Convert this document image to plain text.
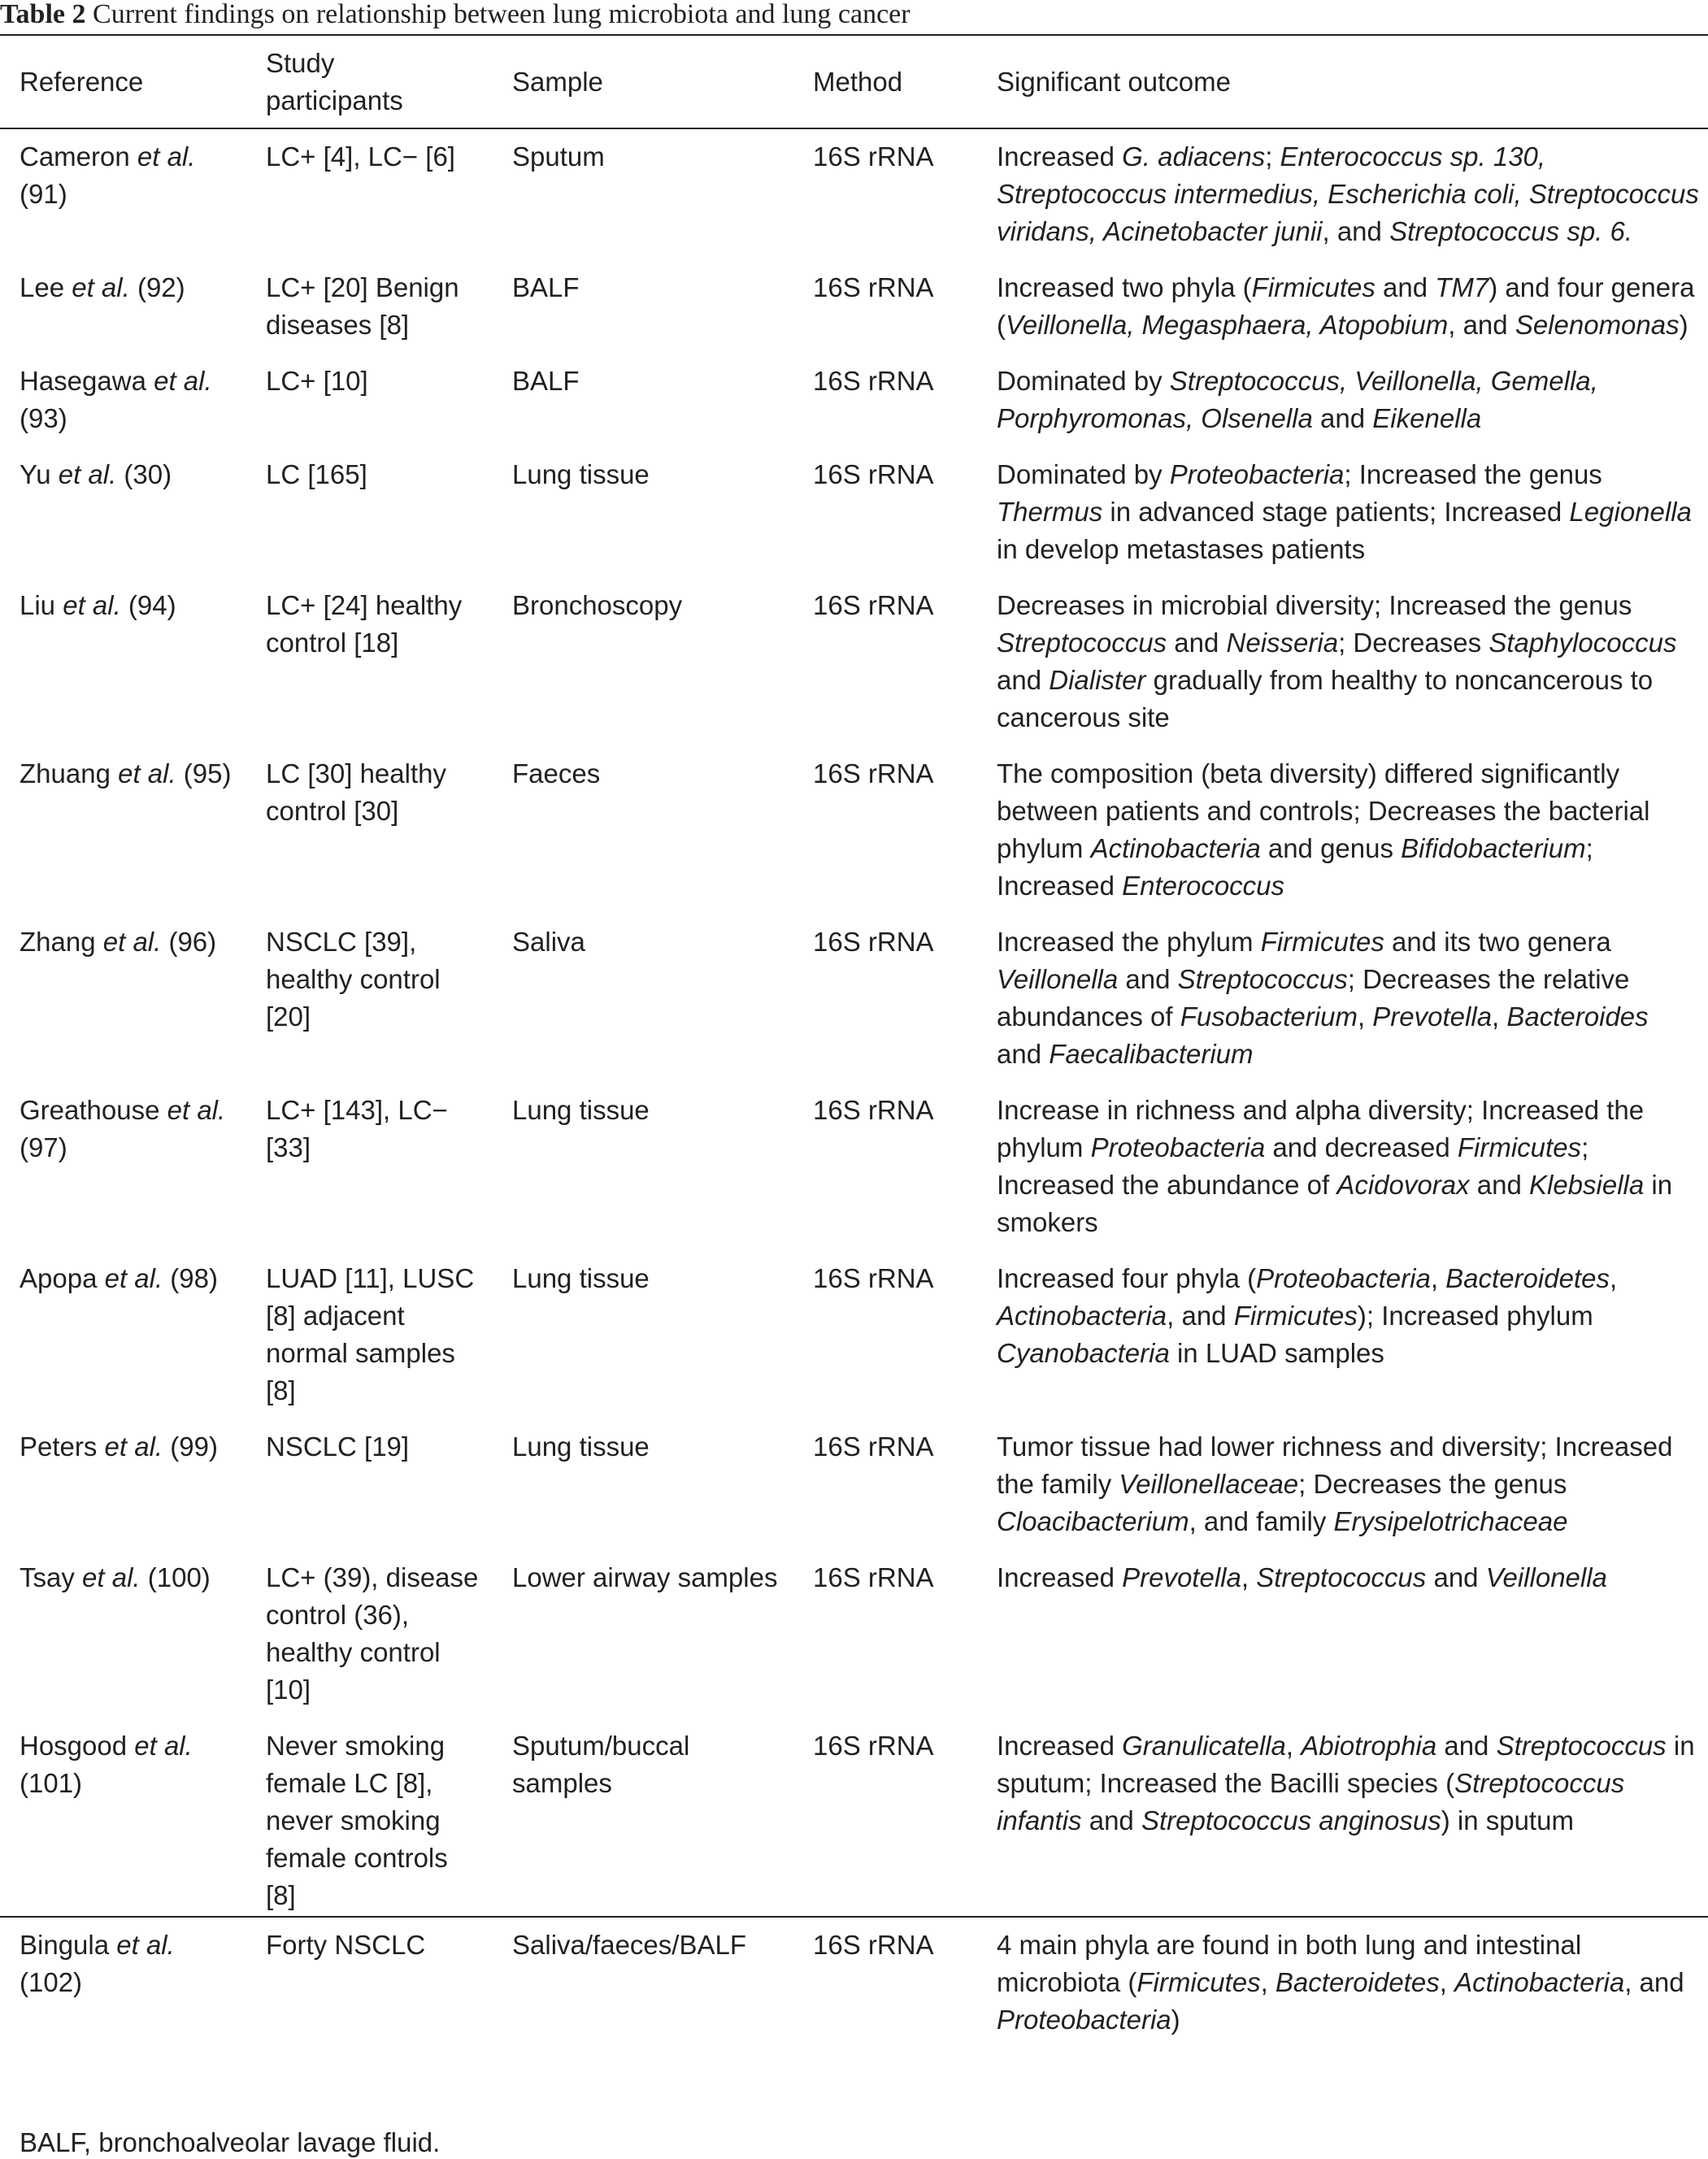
Table 2 Current findings on relationship between lung microbiota and lung cancer

Reference	Study participants	Sample	Method	Significant outcome
Cameron et al. (91)	LC+ [4], LC− [6]	Sputum	16S rRNA	Increased G. adiacens; Enterococcus sp. 130, Streptococcus intermedius, Escherichia coli, Streptococcus viridans, Acinetobacter junii, and Streptococcus sp. 6.
Lee et al. (92)	LC+ [20] Benign diseases [8]	BALF	16S rRNA	Increased two phyla (Firmicutes and TM7) and four genera (Veillonella, Megasphaera, Atopobium, and Selenomonas)
Hasegawa et al. (93)	LC+ [10]	BALF	16S rRNA	Dominated by Streptococcus, Veillonella, Gemella, Porphyromonas, Olsenella and Eikenella
Yu et al. (30)	LC [165]	Lung tissue	16S rRNA	Dominated by Proteobacteria; Increased the genus Thermus in advanced stage patients; Increased Legionella in develop metastases patients
Liu et al. (94)	LC+ [24] healthy control [18]	Bronchoscopy	16S rRNA	Decreases in microbial diversity; Increased the genus Streptococcus and Neisseria; Decreases Staphylococcus and Dialister gradually from healthy to noncancerous to cancerous site
Zhuang et al. (95)	LC [30] healthy control [30]	Faeces	16S rRNA	The composition (beta diversity) differed significantly between patients and controls; Decreases the bacterial phylum Actinobacteria and genus Bifidobacterium; Increased Enterococcus
Zhang et al. (96)	NSCLC [39], healthy control [20]	Saliva	16S rRNA	Increased the phylum Firmicutes and its two genera Veillonella and Streptococcus; Decreases the relative abundances of Fusobacterium, Prevotella, Bacteroides and Faecalibacterium
Greathouse et al. (97)	LC+ [143], LC− [33]	Lung tissue	16S rRNA	Increase in richness and alpha diversity; Increased the phylum Proteobacteria and decreased Firmicutes; Increased the abundance of Acidovorax and Klebsiella in smokers
Apopa et al. (98)	LUAD [11], LUSC [8] adjacent normal samples [8]	Lung tissue	16S rRNA	Increased four phyla (Proteobacteria, Bacteroidetes, Actinobacteria, and Firmicutes); Increased phylum Cyanobacteria in LUAD samples
Peters et al. (99)	NSCLC [19]	Lung tissue	16S rRNA	Tumor tissue had lower richness and diversity; Increased the family Veillonellaceae; Decreases the genus Cloacibacterium, and family Erysipelotrichaceae
Tsay et al. (100)	LC+ (39), disease control (36), healthy control [10]	Lower airway samples	16S rRNA	Increased Prevotella, Streptococcus and Veillonella
Hosgood et al. (101)	Never smoking female LC [8], never smoking female controls [8]	Sputum/buccal samples	16S rRNA	Increased Granulicatella, Abiotrophia and Streptococcus in sputum; Increased the Bacilli species (Streptococcus infantis and Streptococcus anginosus) in sputum
Bingula et al. (102)	Forty NSCLC	Saliva/faeces/BALF	16S rRNA	4 main phyla are found in both lung and intestinal microbiota (Firmicutes, Bacteroidetes, Actinobacteria, and Proteobacteria)

BALF, bronchoalveolar lavage fluid.
